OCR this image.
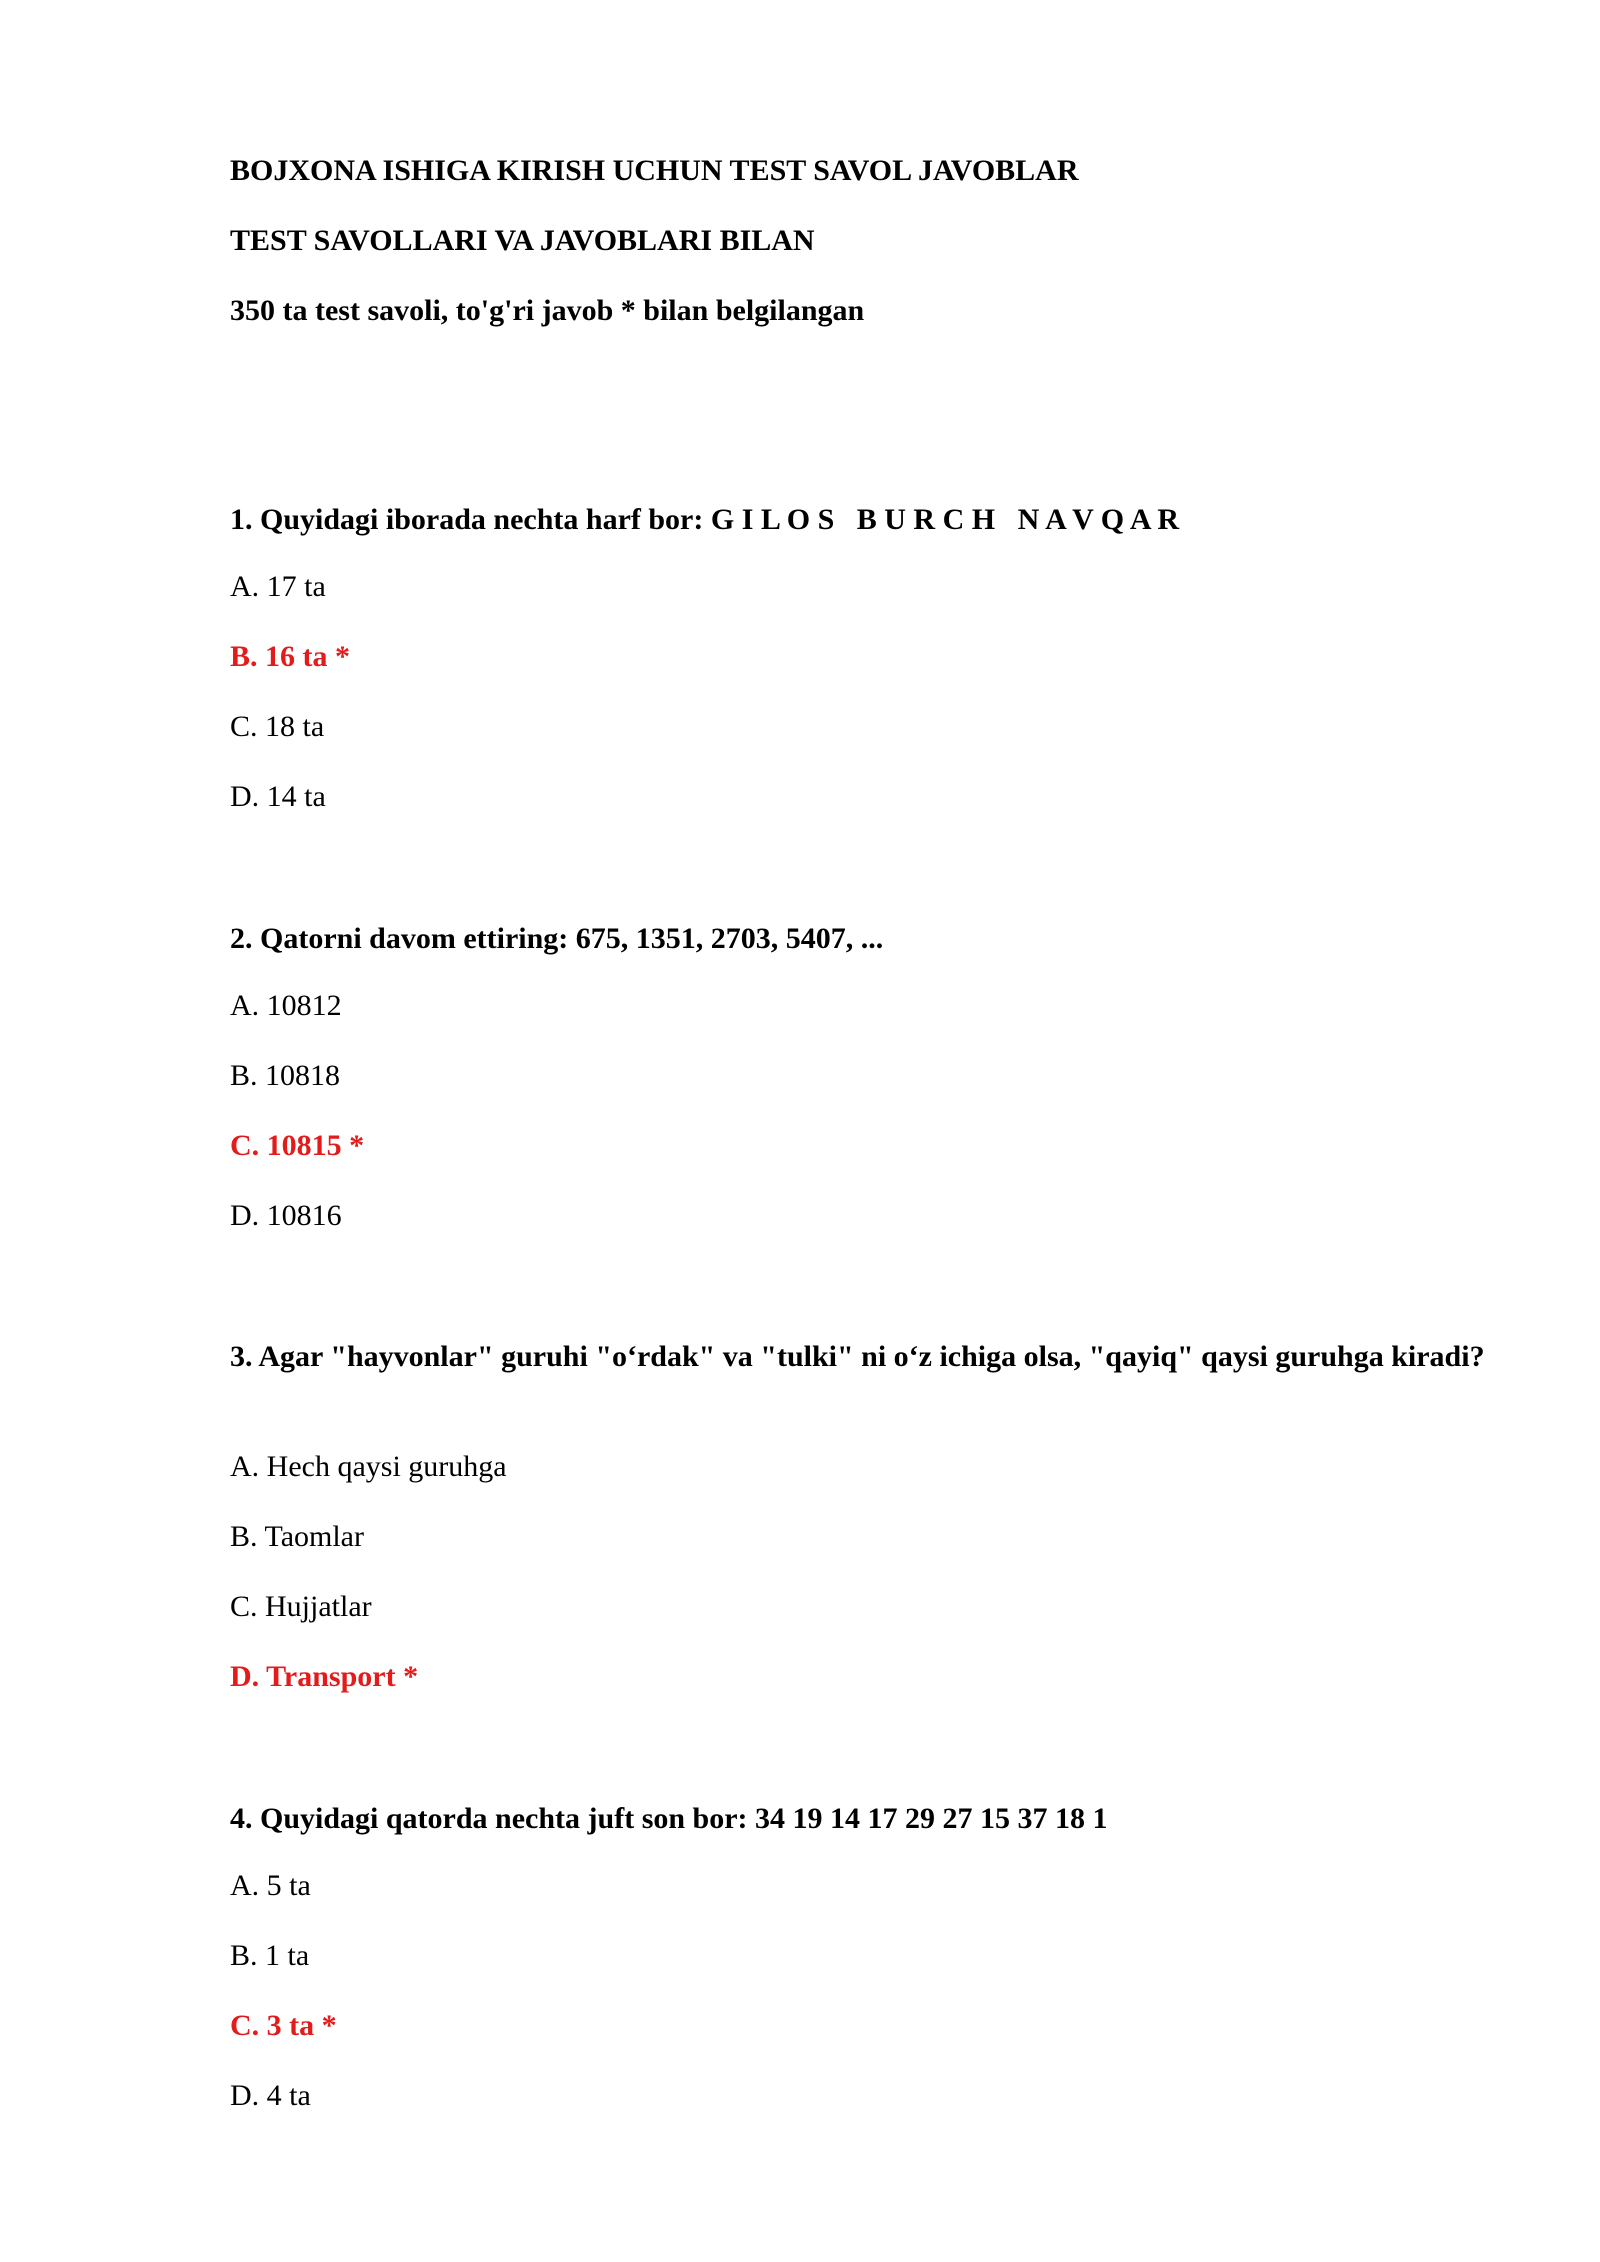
BOJXONA ISHIGA KIRISH UCHUN TEST SAVOL JAVOBLAR

TEST SAVOLLARI VA JAVOBLARI BILAN

350 ta test savoli, to'g'ri javob * bilan belgilangan

1. Quyidagi iborada nechta harf bor: G I L O S   B U R C H   N A V Q A R

A. 17 ta

B. 16 ta *

C. 18 ta

D. 14 ta

2. Qatorni davom ettiring: 675, 1351, 2703, 5407, ...

A. 10812

B. 10818

C. 10815 *

D. 10816

3. Agar "hayvonlar" guruhi "o‘rdak" va "tulki" ni o‘z ichiga olsa, "qayiq" qaysi guruhga kiradi?

A. Hech qaysi guruhga

B. Taomlar

C. Hujjatlar

D. Transport *

4. Quyidagi qatorda nechta juft son bor: 34 19 14 17 29 27 15 37 18 1

A. 5 ta

B. 1 ta

C. 3 ta *

D. 4 ta
